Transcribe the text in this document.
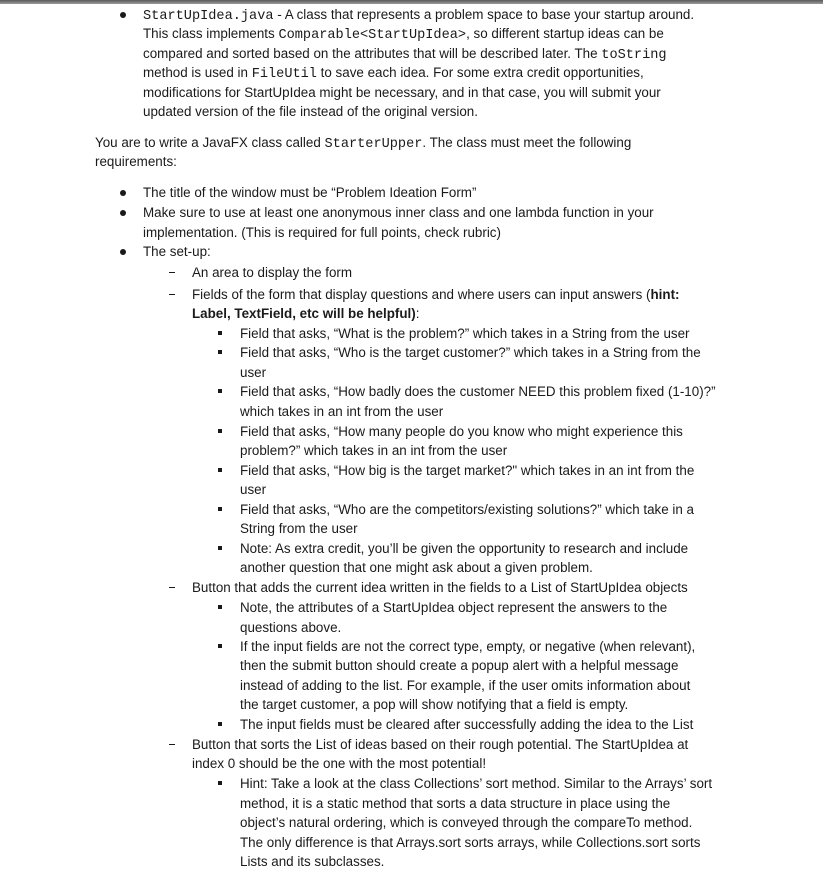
StartUpIdea.java - A class that represents a problem space to base your startup around.
This class implements Comparable<StartUpIdea>, so different startup ideas can be
compared and sorted based on the attributes that will be described later. The toString
method is used in FileUtil to save each idea. For some extra credit opportunities,
modifications for StartUpIdea might be necessary, and in that case, you will submit your
updated version of the file instead of the original version.
You are to write a JavaFX class called StarterUpper. The class must meet the following
requirements:
The title of the window must be “Problem Ideation Form”
Make sure to use at least one anonymous inner class and one lambda function in your
implementation. (This is required for full points, check rubric)
The set-up:
An area to display the form
Fields of the form that display questions and where users can input answers (hint:
Label, TextField, etc will be helpful):
Field that asks, “What is the problem?” which takes in a String from the user
Field that asks, “Who is the target customer?” which takes in a String from the
user
Field that asks, “How badly does the customer NEED this problem fixed (1-10)?”
which takes in an int from the user
Field that asks, “How many people do you know who might experience this
problem?” which takes in an int from the user
Field that asks, “How big is the target market?" which takes in an int from the
user
Field that asks, “Who are the competitors/existing solutions?” which take in a
String from the user
Note: As extra credit, you’ll be given the opportunity to research and include
another question that one might ask about a given problem.
Button that adds the current idea written in the fields to a List of StartUpIdea objects
Note, the attributes of a StartUpIdea object represent the answers to the
questions above.
If the input fields are not the correct type, empty, or negative (when relevant),
then the submit button should create a popup alert with a helpful message
instead of adding to the list. For example, if the user omits information about
the target customer, a pop will show notifying that a field is empty.
The input fields must be cleared after successfully adding the idea to the List
Button that sorts the List of ideas based on their rough potential. The StartUpIdea at
index 0 should be the one with the most potential!
Hint: Take a look at the class Collections’ sort method. Similar to the Arrays’ sort
method, it is a static method that sorts a data structure in place using the
object’s natural ordering, which is conveyed through the compareTo method.
The only difference is that Arrays.sort sorts arrays, while Collections.sort sorts
Lists and its subclasses.
